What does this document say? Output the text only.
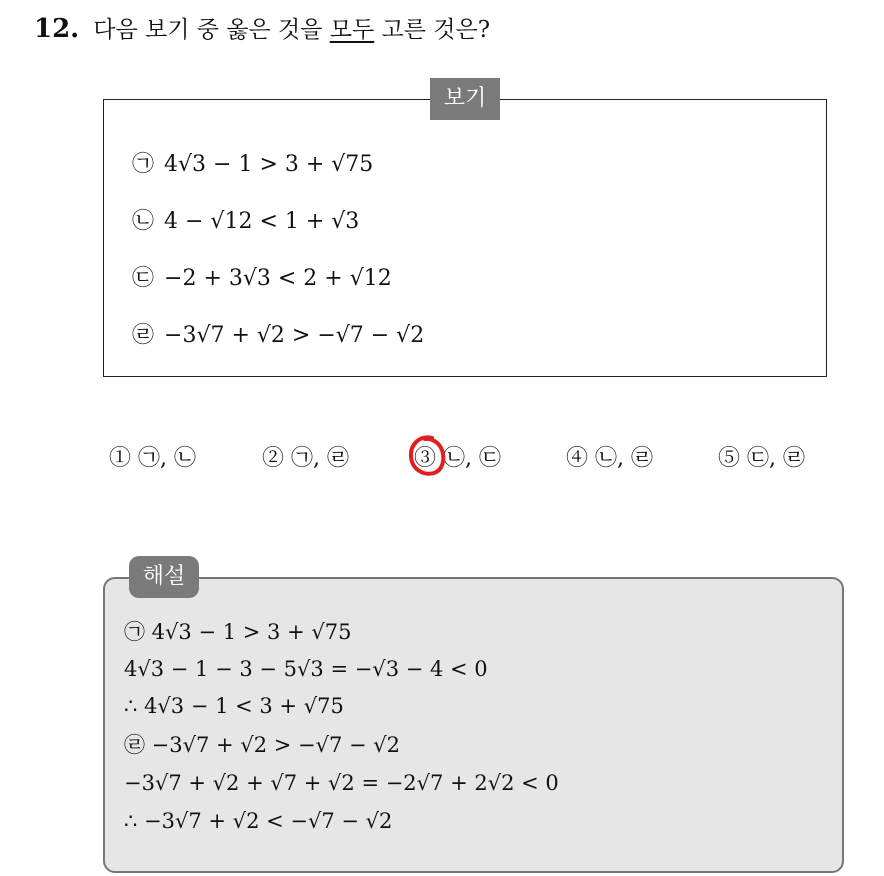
12. 다음 보기 중 옳은 것을 모두 고른 것은?
보기
㉠ 4√3 − 1 > 3 + √75
㉡ 4 − √12 < 1 + √3
㉢ −2 + 3√3 < 2 + √12
㉣ −3√7 + √2 > −√7 − √2
① ㉠, ㉡	② ㉠, ㉣	③ ㉡, ㉢	④ ㉡, ㉣	⑤ ㉢, ㉣
해설
㉠ 4√3 − 1 > 3 + √75
4√3 − 1 − 3 − 5√3 = −√3 − 4 < 0
∴ 4√3 − 1 < 3 + √75
㉣ −3√7 + √2 > −√7 − √2
−3√7 + √2 + √7 + √2 = −2√7 + 2√2 < 0
∴ −3√7 + √2 < −√7 − √2
